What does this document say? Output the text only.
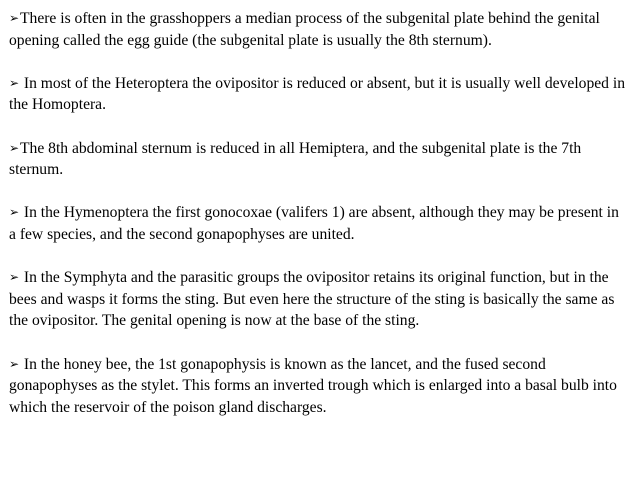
➢There is often in the grasshoppers a median process of the subgenital plate behind the genital opening called the egg guide (the subgenital plate is usually the 8th sternum).

➢ In most of the Heteroptera the ovipositor is reduced or absent, but it is usually well developed in the Homoptera.

➢The 8th abdominal sternum is reduced in all Hemiptera, and the subgenital plate is the 7th sternum.

➢ In the Hymenoptera the first gonocoxae (valifers 1) are absent, although they may be present in a few species, and the second gonapophyses are united.

➢ In the Symphyta and the parasitic groups the ovipositor retains its original function, but in the bees and wasps it forms the sting. But even here the structure of the sting is basically the same as the ovipositor. The genital opening is now at the base of the sting.

➢ In the honey bee, the 1st gonapophysis is known as the lancet, and the fused second gonapophyses as the stylet. This forms an inverted trough which is enlarged into a basal bulb into which the reservoir of the poison gland discharges.
